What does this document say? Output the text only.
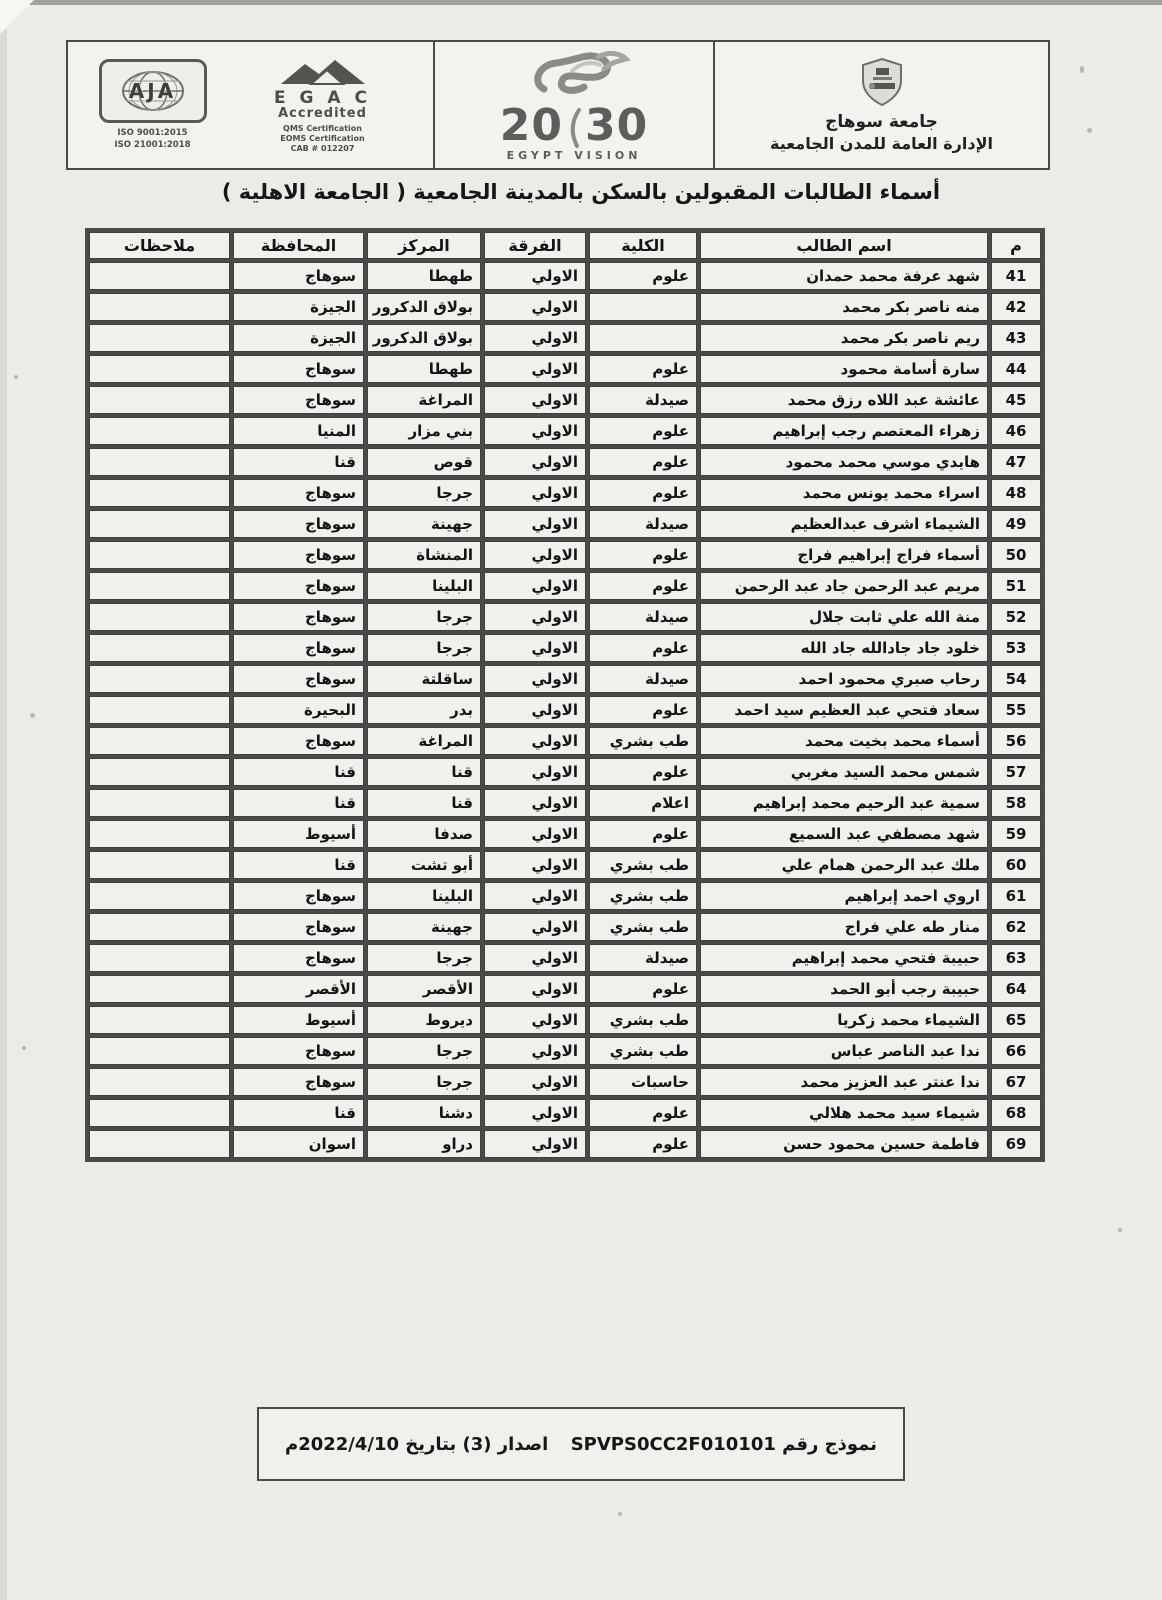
جامعة سوهاج
الإدارة العامة للمدن الجامعية
20 30
EGYPT VISION
E G A C
Accredited
QMS Certification
EOMS Certification
CAB # 012207
AJA
ISO 9001:2015
ISO 21001:2018
أسماء الطالبات المقبولين بالسكن بالمدينة الجامعية ( الجامعة الاهلية )
م	اسم الطالب	الكلية	الفرقة	المركز	المحافظة	ملاحظات
41	شهد عرفة محمد حمدان	علوم	الاولي	طهطا	سوهاج	
42	منه ناصر بكر محمد		الاولي	بولاق الدكرور	الجيزة	
43	ريم ناصر بكر محمد		الاولي	بولاق الدكرور	الجيزة	
44	سارة أسامة محمود	علوم	الاولي	طهطا	سوهاج	
45	عائشة عبد اللاه رزق محمد	صيدلة	الاولي	المراغة	سوهاج	
46	زهراء المعتصم رجب إبراهيم	علوم	الاولي	بني مزار	المنيا	
47	هايدي موسي محمد محمود	علوم	الاولي	قوص	قنا	
48	اسراء محمد يونس محمد	علوم	الاولي	جرجا	سوهاج	
49	الشيماء اشرف عبدالعظيم	صيدلة	الاولي	جهينة	سوهاج	
50	أسماء فراج إبراهيم فراج	علوم	الاولي	المنشاة	سوهاج	
51	مريم عبد الرحمن جاد عبد الرحمن	علوم	الاولي	البلينا	سوهاج	
52	منة الله علي ثابت جلال	صيدلة	الاولي	جرجا	سوهاج	
53	خلود جاد جادالله جاد الله	علوم	الاولي	جرجا	سوهاج	
54	رحاب صبري محمود احمد	صيدلة	الاولي	ساقلتة	سوهاج	
55	سعاد فتحي عبد العظيم سيد احمد	علوم	الاولي	بدر	البحيرة	
56	أسماء محمد بخيت محمد	طب بشري	الاولي	المراغة	سوهاج	
57	شمس محمد السيد مغربي	علوم	الاولي	قنا	قنا	
58	سمية عبد الرحيم محمد إبراهيم	اعلام	الاولي	قنا	قنا	
59	شهد مصطفي عبد السميع	علوم	الاولي	صدفا	أسيوط	
60	ملك عبد الرحمن همام علي	طب بشري	الاولي	أبو تشت	قنا	
61	اروي احمد إبراهيم	طب بشري	الاولي	البلينا	سوهاج	
62	منار طه علي فراج	طب بشري	الاولي	جهينة	سوهاج	
63	حبيبة فتحي محمد إبراهيم	صيدلة	الاولي	جرجا	سوهاج	
64	حبيبة رجب أبو الحمد	علوم	الاولي	الأقصر	الأقصر	
65	الشيماء محمد زكريا	طب بشري	الاولي	ديروط	أسيوط	
66	ندا عبد الناصر عباس	طب بشري	الاولي	جرجا	سوهاج	
67	ندا عنتر عبد العزيز محمد	حاسبات	الاولي	جرجا	سوهاج	
68	شيماء سيد محمد هلالي	علوم	الاولي	دشنا	قنا	
69	فاطمة حسين محمود حسن	علوم	الاولي	دراو	اسوان	
نموذج رقم SPVPS0CC2F010101
اصدار (3) بتاريخ 2022/4/10م
